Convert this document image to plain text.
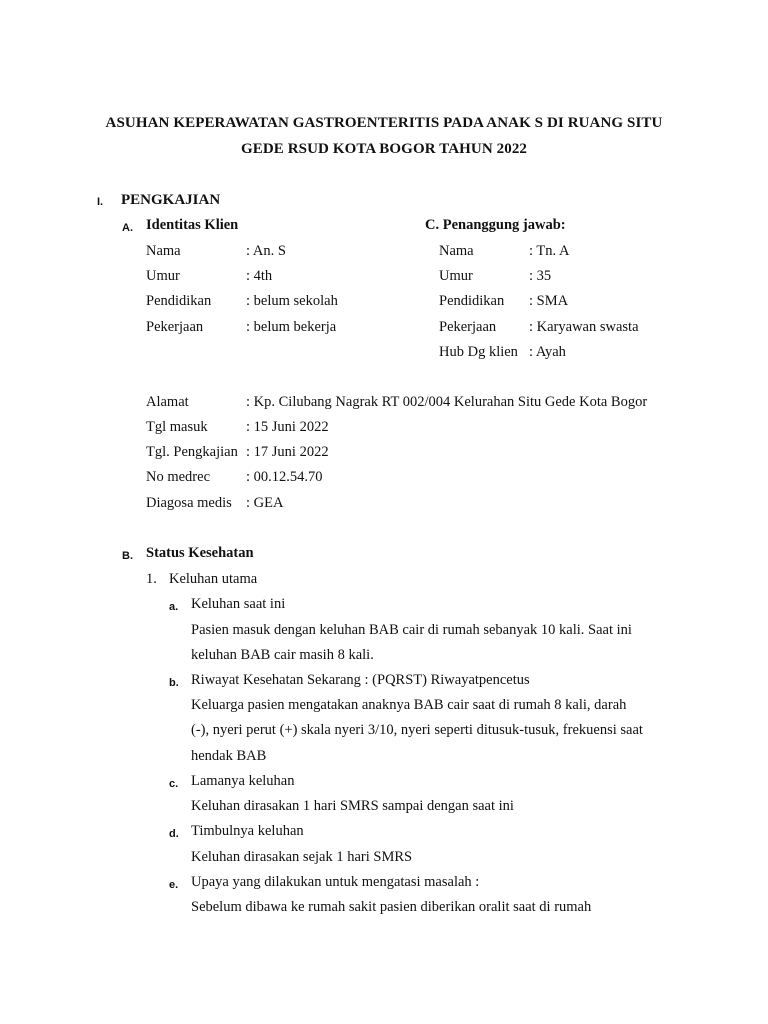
ASUHAN KEPERAWATAN GASTROENTERITIS PADA ANAK S DI RUANG SITU
GEDE RSUD KOTA BOGOR TAHUN 2022
I. PENGKAJIAN
A. Identitas Klien
Nama	: An. S
Umur	: 4th
Pendidikan : belum sekolah
Pekerjaan	: belum bekerja
C. Penanggung jawab:
Nama	: Tn. A
Umur	: 35
Pendidikan : SMA
Pekerjaan : Karyawan swasta
Hub Dg klien : Ayah
Alamat	: Kp. Cilubang Nagrak RT 002/004 Kelurahan Situ Gede Kota Bogor
Tgl masuk	: 15 Juni 2022
Tgl. Pengkajian : 17 Juni 2022
No medrec : 00.12.54.70
Diagosa medis : GEA
B. Status Kesehatan
1. Keluhan utama
a. Keluhan saat ini
Pasien masuk dengan keluhan BAB cair di rumah sebanyak 10 kali. Saat ini
keluhan BAB cair masih 8 kali.
b. Riwayat Kesehatan Sekarang : (PQRST) Riwayatpencetus
Keluarga pasien mengatakan anaknya BAB cair saat di rumah 8 kali, darah
(-), nyeri perut (+) skala nyeri 3/10, nyeri seperti ditusuk-tusuk, frekuensi saat
hendak BAB
c. Lamanya keluhan
Keluhan dirasakan 1 hari SMRS sampai dengan saat ini
d. Timbulnya keluhan
Keluhan dirasakan sejak 1 hari SMRS
e. Upaya yang dilakukan untuk mengatasi masalah :
Sebelum dibawa ke rumah sakit pasien diberikan oralit saat di rumah
